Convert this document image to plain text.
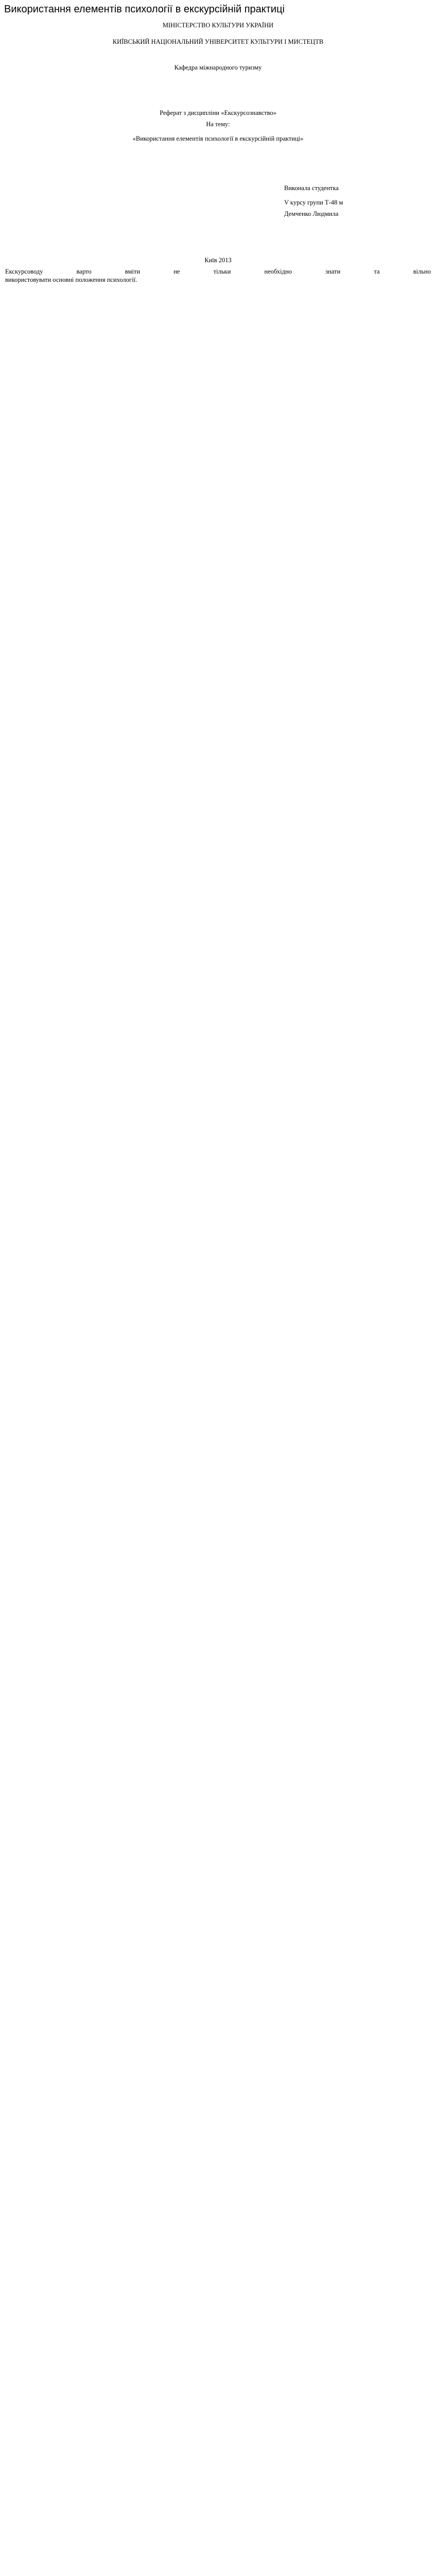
Використання елементів психології в екскурсійній практиці
МІНІСТЕРСТВО КУЛЬТУРИ УКРАЇНИ
КИЇВСЬКИЙ НАЦІОНАЛЬНИЙ УНІВЕРСИТЕТ КУЛЬТУРИ І МИСТЕЦТВ
Кафедра міжнародного туризму
Реферат з дисципліни «Екскурсознавство»
На тему:
«Використання елементів психології в екскурсійній практиці»
Виконала студентка
V курсу групи Т-48 м
Демченко Людмила
Київ 2013
Екскурсоводу варто вміти не тільки необхідно знати та вільно
використовувати основні положення психології.
